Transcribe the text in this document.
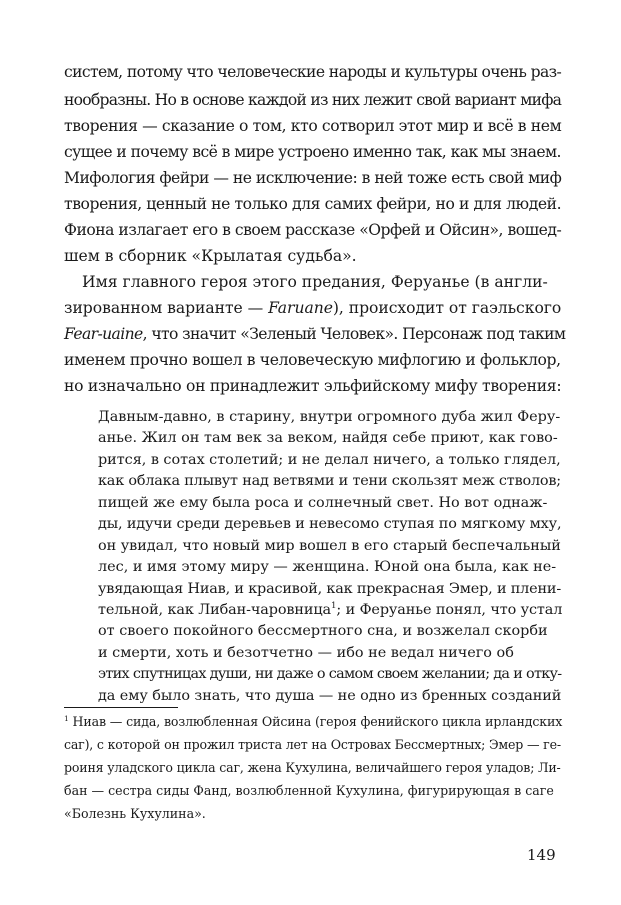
систем, потому что человеческие народы и культуры очень раз-
нообразны. Но в основе каждой из них лежит свой вариант мифа
творения — сказание о том, кто сотворил этот мир и всё в нем
сущее и почему всё в мире устроено именно так, как мы знаем.
Мифология фейри — не исключение: в ней тоже есть свой миф
творения, ценный не только для самих фейри, но и для людей.
Фиона излагает его в своем рассказе «Орфей и Ойсин», вошед-
шем в сборник «Крылатая судьба».
Имя главного героя этого предания, Феруанье (в англи-
зированном варианте — Faruane), происходит от гаэльского
Fear-uaine, что значит «Зеленый Человек». Персонаж под таким
именем прочно вошел в человеческую мифлогию и фольклор,
но изначально он принадлежит эльфийскому мифу творения:
Давным-давно, в старину, внутри огромного дуба жил Феру-
анье. Жил он там век за веком, найдя себе приют, как гово-
рится, в сотах столетий; и не делал ничего, а только глядел,
как облака плывут над ветвями и тени скользят меж стволов;
пищей же ему была роса и солнечный свет. Но вот однаж-
ды, идучи среди деревьев и невесомо ступая по мягкому мху,
он увидал, что новый мир вошел в его старый беспечальный
лес, и имя этому миру — женщина. Юной она была, как не-
увядающая Ниав, и красивой, как прекрасная Эмер, и плени-
тельной, как Либан-чаровница$^1$; и Феруанье понял, что устал
от своего покойного бессмертного сна, и возжелал скорби
и смерти, хоть и безотчетно — ибо не ведал ничего об
этих спутницах души, ни даже о самом своем желании; да и отку-
да ему было знать, что душа — не одно из бренных созданий
$^1$ Ниав — сида, возлюбленная Ойсина (героя фенийского цикла ирландских
саг), с которой он прожил триста лет на Островах Бессмертных; Эмер — ге-
роиня уладского цикла саг, жена Кухулина, величайшего героя уладов; Ли-
бан — сестра сиды Фанд, возлюбленной Кухулина, фигурирующая в саге
«Болезнь Кухулина».
149
